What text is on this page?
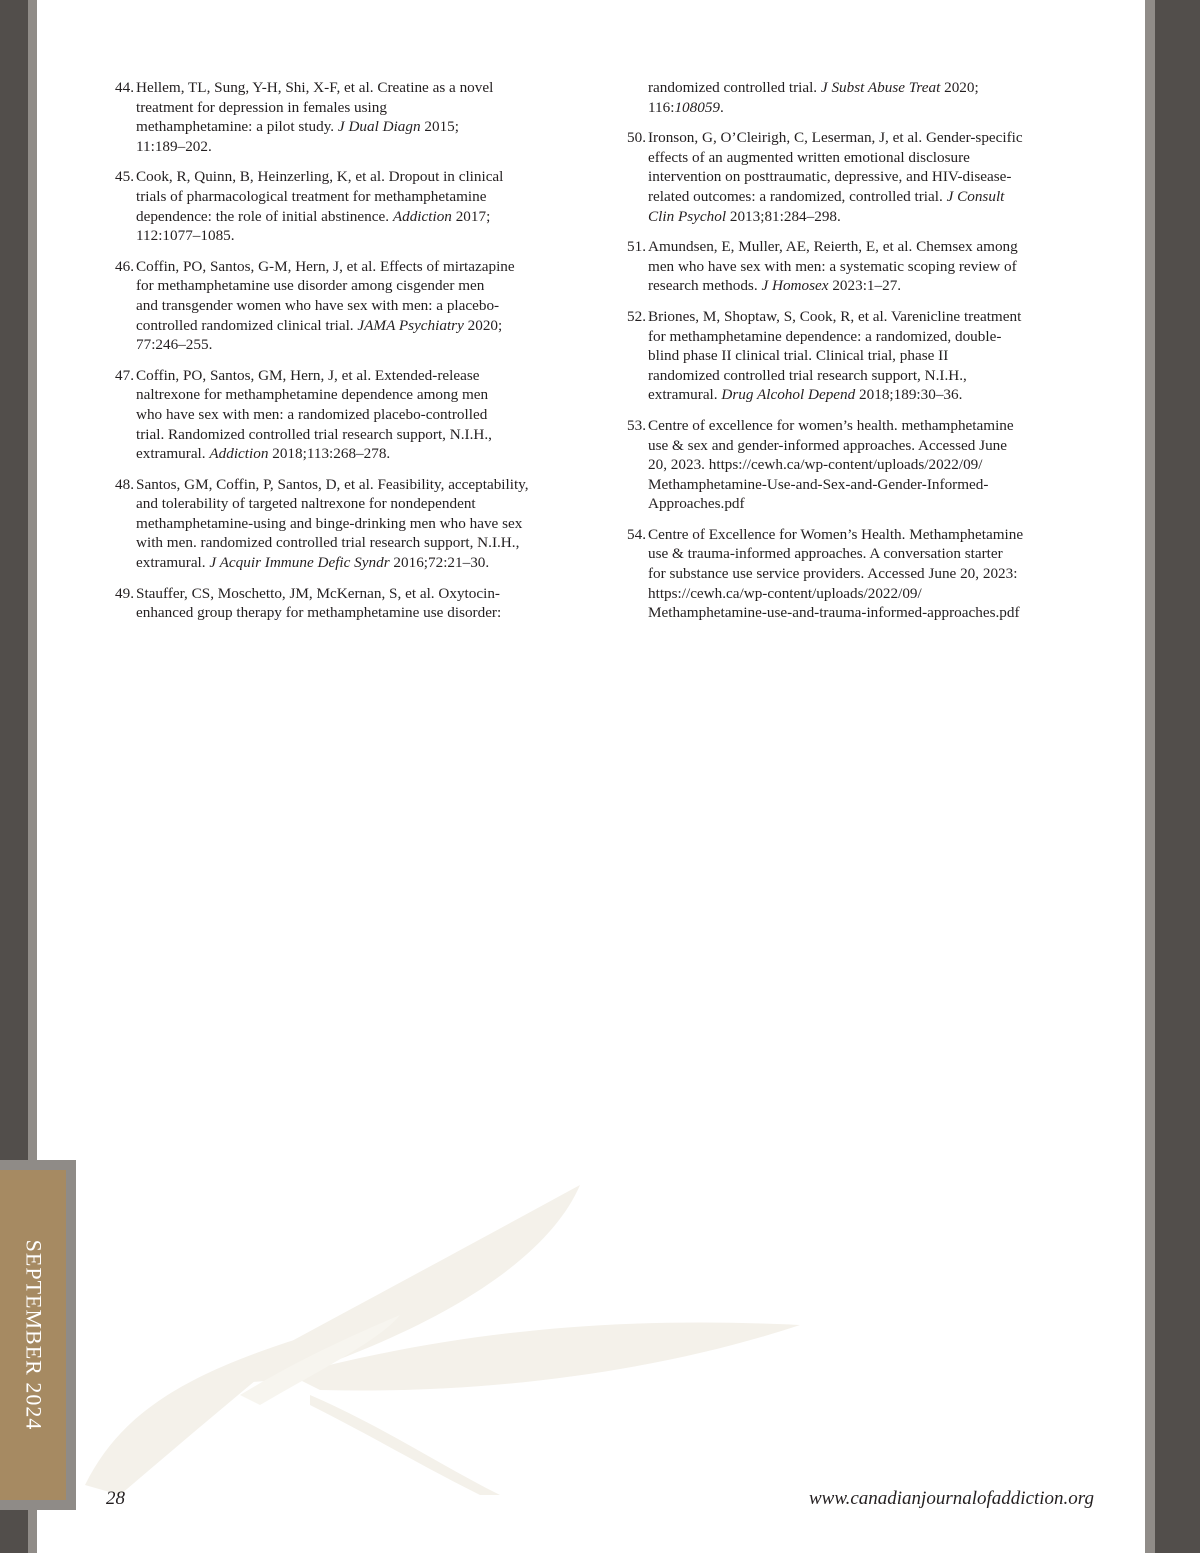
SEPTEMBER 2024
44. Hellem, TL, Sung, Y-H, Shi, X-F, et al. Creatine as a novel
treatment for depression in females using
methamphetamine: a pilot study. J Dual Diagn 2015;
11:189–202.
45. Cook, R, Quinn, B, Heinzerling, K, et al. Dropout in clinical
trials of pharmacological treatment for methamphetamine
dependence: the role of initial abstinence. Addiction 2017;
112:1077–1085.
46. Coffin, PO, Santos, G-M, Hern, J, et al. Effects of mirtazapine
for methamphetamine use disorder among cisgender men
and transgender women who have sex with men: a placebo-
controlled randomized clinical trial. JAMA Psychiatry 2020;
77:246–255.
47. Coffin, PO, Santos, GM, Hern, J, et al. Extended-release
naltrexone for methamphetamine dependence among men
who have sex with men: a randomized placebo-controlled
trial. Randomized controlled trial research support, N.I.H.,
extramural. Addiction 2018;113:268–278.
48. Santos, GM, Coffin, P, Santos, D, et al. Feasibility, acceptability,
and tolerability of targeted naltrexone for nondependent
methamphetamine-using and binge-drinking men who have sex
with men. randomized controlled trial research support, N.I.H.,
extramural. J Acquir Immune Defic Syndr 2016;72:21–30.
49. Stauffer, CS, Moschetto, JM, McKernan, S, et al. Oxytocin-
enhanced group therapy for methamphetamine use disorder:
randomized controlled trial. J Subst Abuse Treat 2020;
116:108059.
50. Ironson, G, O’Cleirigh, C, Leserman, J, et al. Gender-specific
effects of an augmented written emotional disclosure
intervention on posttraumatic, depressive, and HIV-disease-
related outcomes: a randomized, controlled trial. J Consult
Clin Psychol 2013;81:284–298.
51. Amundsen, E, Muller, AE, Reierth, E, et al. Chemsex among
men who have sex with men: a systematic scoping review of
research methods. J Homosex 2023:1–27.
52. Briones, M, Shoptaw, S, Cook, R, et al. Varenicline treatment
for methamphetamine dependence: a randomized, double-
blind phase II clinical trial. Clinical trial, phase II
randomized controlled trial research support, N.I.H.,
extramural. Drug Alcohol Depend 2018;189:30–36.
53. Centre of excellence for women’s health. methamphetamine
use & sex and gender-informed approaches. Accessed June
20, 2023. https://cewh.ca/wp-content/uploads/2022/09/
Methamphetamine-Use-and-Sex-and-Gender-Informed-
Approaches.pdf
54. Centre of Excellence for Women’s Health. Methamphetamine
use & trauma-informed approaches. A conversation starter
for substance use service providers. Accessed June 20, 2023:
https://cewh.ca/wp-content/uploads/2022/09/
Methamphetamine-use-and-trauma-informed-approaches.pdf
28	www.canadianjournalofaddiction.org
